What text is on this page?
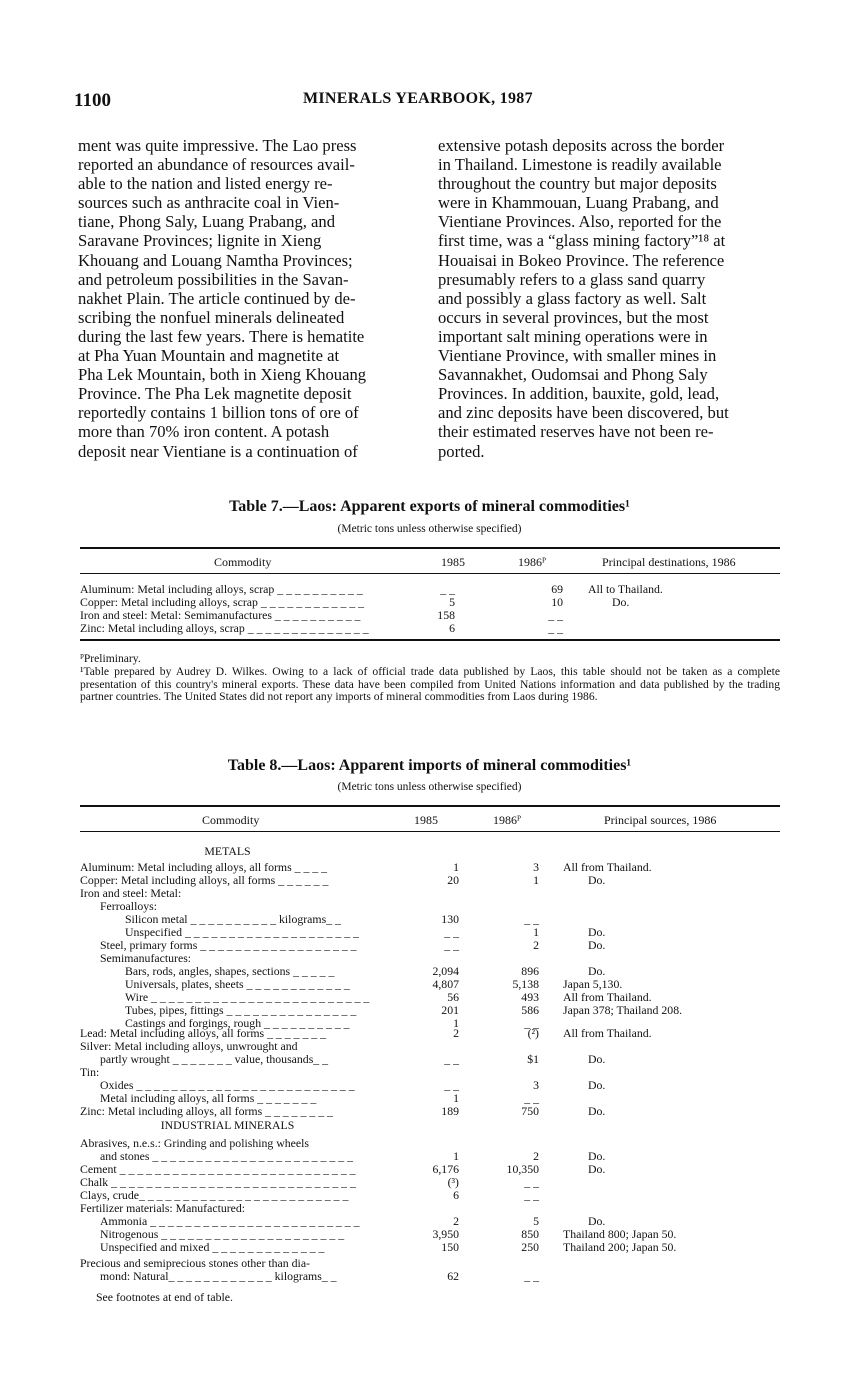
1100	MINERALS YEARBOOK, 1987
ment was quite impressive. The Lao press
reported an abundance of resources avail-
able to the nation and listed energy re-
sources such as anthracite coal in Vien-
tiane, Phong Saly, Luang Prabang, and
Saravane Provinces; lignite in Xieng
Khouang and Louang Namtha Provinces;
and petroleum possibilities in the Savan-
nakhet Plain. The article continued by de-
scribing the nonfuel minerals delineated
during the last few years. There is hematite
at Pha Yuan Mountain and magnetite at
Pha Lek Mountain, both in Xieng Khouang
Province. The Pha Lek magnetite deposit
reportedly contains 1 billion tons of ore of
more than 70% iron content. A potash
deposit near Vientiane is a continuation of
extensive potash deposits across the border
in Thailand. Limestone is readily available
throughout the country but major deposits
were in Khammouan, Luang Prabang, and
Vientiane Provinces. Also, reported for the
first time, was a “glass mining factory”¹⁸ at
Houaisai in Bokeo Province. The reference
presumably refers to a glass sand quarry
and possibly a glass factory as well. Salt
occurs in several provinces, but the most
important salt mining operations were in
Vientiane Province, with smaller mines in
Savannakhet, Oudomsai and Phong Saly
Provinces. In addition, bauxite, gold, lead,
and zinc deposits have been discovered, but
their estimated reserves have not been re-
ported.
Table 7.—Laos: Apparent exports of mineral commodities¹
(Metric tons unless otherwise specified)
Commodity	1985	1986ᴾ	Principal destinations, 1986
Aluminum: Metal including alloys, scrap _ _ _ _ _ _ _ _ _ _	_ _	69 All to Thailand.
Copper: Metal including alloys, scrap _ _ _ _ _ _ _ _ _ _ _ _	5	10	Do.
Iron and steel: Metal: Semimanufactures _ _ _ _ _ _ _ _ _ _	158	_ _
Zinc: Metal including alloys, scrap _ _ _ _ _ _ _ _ _ _ _ _ _ _	6	_ _
ᴾPreliminary.
¹Table prepared by Audrey D. Wilkes. Owing to a lack of official trade data published by Laos, this table should not be taken as a complete presentation of this country's mineral exports. These data have been compiled from United Nations information and data published by the trading partner countries. The United States did not report any imports of mineral commodities from Laos during 1986.
Table 8.—Laos: Apparent imports of mineral commodities¹
(Metric tons unless otherwise specified)
Commodity	1985	1986ᴾ	Principal sources, 1986
METALS
Aluminum: Metal including alloys, all forms _ _ _ _	1	3 All from Thailand.
Copper: Metal including alloys, all forms _ _ _ _ _ _	20	1	Do.
Iron and steel: Metal:
Ferroalloys:
Silicon metal _ _ _ _ _ _ _ _ _ _ kilograms_ _	130	_ _
Unspecified _ _ _ _ _ _ _ _ _ _ _ _ _ _ _ _ _ _ _ _	_ _	1	Do.
Steel, primary forms _ _ _ _ _ _ _ _ _ _ _ _ _ _ _ _ _ _	_ _	2	Do.
Semimanufactures:
Bars, rods, angles, shapes, sections _ _ _ _ _	2,094	896	Do.
Universals, plates, sheets _ _ _ _ _ _ _ _ _ _ _ _	4,807	5,138 Japan 5,130.
Wire _ _ _ _ _ _ _ _ _ _ _ _ _ _ _ _ _ _ _ _ _ _ _ _ _	56	493 All from Thailand.
Tubes, pipes, fittings _ _ _ _ _ _ _ _ _ _ _ _ _ _ _	201	586 Japan 378; Thailand 208.
Castings and forgings, rough _ _ _ _ _ _ _ _ _ _	1	_ _
Lead: Metal including alloys, all forms _ _ _ _ _ _ _	2	(²) All from Thailand.
Silver: Metal including alloys, unwrought and
partly wrought _ _ _ _ _ _ _ value, thousands_ _	_ _	$1	Do.
Tin:
Oxides _ _ _ _ _ _ _ _ _ _ _ _ _ _ _ _ _ _ _ _ _ _ _ _ _	_ _	3	Do.
Metal including alloys, all forms _ _ _ _ _ _ _	1	_ _
Zinc: Metal including alloys, all forms _ _ _ _ _ _ _ _	189	750	Do.
INDUSTRIAL MINERALS
Abrasives, n.e.s.: Grinding and polishing wheels
and stones _ _ _ _ _ _ _ _ _ _ _ _ _ _ _ _ _ _ _ _ _ _ _	1	2	Do.
Cement _ _ _ _ _ _ _ _ _ _ _ _ _ _ _ _ _ _ _ _ _ _ _ _ _ _ _	6,176	10,350	Do.
Chalk _ _ _ _ _ _ _ _ _ _ _ _ _ _ _ _ _ _ _ _ _ _ _ _ _ _ _ _	(³)	_ _
Clays, crude_ _ _ _ _ _ _ _ _ _ _ _ _ _ _ _ _ _ _ _ _ _ _ _	6	_ _
Fertilizer materials: Manufactured:
Ammonia _ _ _ _ _ _ _ _ _ _ _ _ _ _ _ _ _ _ _ _ _ _ _ _	2	5	Do.
Nitrogenous _ _ _ _ _ _ _ _ _ _ _ _ _ _ _ _ _ _ _ _ _	3,950	850 Thailand 800; Japan 50.
Unspecified and mixed _ _ _ _ _ _ _ _ _ _ _ _ _	150	250 Thailand 200; Japan 50.
Precious and semiprecious stones other than dia-
mond: Natural_ _ _ _ _ _ _ _ _ _ _ _ kilograms_ _	62	_ _
See footnotes at end of table.
